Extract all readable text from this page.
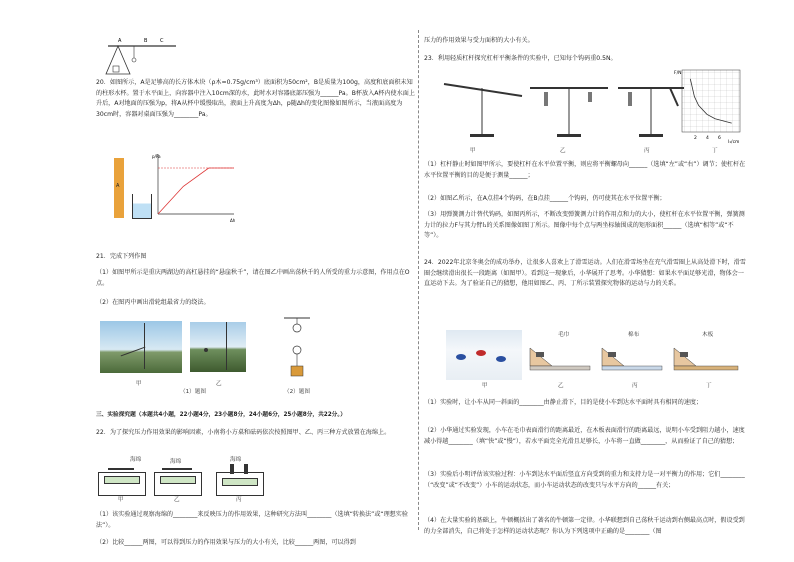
A	B	C

20．如图所示，A是足够高的长方体木块（ρ木=0.75g/cm³）底面积为50cm²，B是质量为100g，高度和底面积未知的柱形水杯。置于水平面上，向容器中注入10cm深的水，此时水对容器底部压强为______Pa。B杯放入A杯内使水面上升后，A对地面的压强为p，将A从杯中缓慢取出，液面上升高度为Δh，p随Δh的变化图像如图所示，当液面高度为30cm时，容器对桌面压强为________Pa。

A
p/Pa
Δh

21．完成下列作图

（1）如图甲所示是重庆两湖边的高杠悬挂的“悬崖秋千”，请在图乙中画出荡秋千的人所受的重力示意图，作用点在O点。

（2）在图丙中画出滑轮组最省力的绕法。

甲	乙
（1）题图	（2）题图

三、实验探究题（本题共4小题，22小题4分，23小题8分，24小题6分，25小题8分，共22分。）

22．为了探究压力作用效果的影响因素，小南将小方桌和砝码依次按照图甲、乙、丙三种方式放置在海绵上。

海绵	海绵	海绵
甲	乙	丙

（1）该实验通过观察海绵的________来反映压力的作用效果，这种研究方法叫________（选填“转换法”或“理想实验法”）。

（2）比较______两图，可以得到压力的作用效果与压力的大小有关，比较______两图，可以得到

压力的作用效果与受力面积的大小有关。

23．利用轻质杠杆探究杠杆平衡条件的实验中，已知每个钩码重0.5N。

F/N
l₁/cm
2 4 6
甲	乙	丙	丁

（1）杠杆静止时如图甲所示，要使杠杆在水平位置平衡，则应将平衡螺母向______（选填“左”或“右”）调节；使杠杆在水平位置平衡的目的是便于测量______；

（2）如图乙所示，在A点挂4个钩码，在B点挂______个钩码，仍可使其在水平位置平衡；

（3）用弹簧测力计替代钩码，如图丙所示，不断改变弹簧测力计的作用点和力的大小，使杠杆在水平位置平衡，弹簧测力计的拉力F与其力臂l₁的关系图像如图丁所示。图像中每个点与两坐标轴围成的矩形面积______（选填“相等”或“不等”）。

24．2022年北京冬奥会的成功举办，让很多人喜欢上了滑雪运动。人们在滑雪场坐在充气滑雪圈上从高处滑下时，滑雪圈会继续滑出很长一段距离（如图甲）。看到这一现象后，小华展开了思考。小华猜想：如果水平面足够光滑，物体会一直运动下去。为了验证自己的猜想，他用如图乙、丙、丁所示装置探究物体的运动与力的关系。

毛巾	棉布	木板
甲	乙	丙	丁

（1）实验时，让小车从同一斜面的________由静止滑下，目的是使小车到达水平面时具有相同的速度；

（2）小华通过实验发现，小车在毛巾表面滑行的距离最近，在木板表面滑行的距离最远，说明小车受到阻力越小，速度减小得越________（填“快”或“慢”），若水平面完全光滑且足够长，小车将一直做________，从而验证了自己的猜想；

（3）实验后小明评估该实验过程：小车到达水平面后竖直方向受到的重力和支持力是一对平衡力的作用；它们________（“改变”或“不改变”）小车的运动状态，而小车运动状态的改变只与水平方向的______有关；

（4）在大量实验的基础上，牛顿概括出了著名的牛顿第一定律。小华联想到自己荡秋千运动到右侧最高点时，假设受到的力全部消失，自己将处于怎样的运动状态呢？你认为下列选项中正确的是________（图
